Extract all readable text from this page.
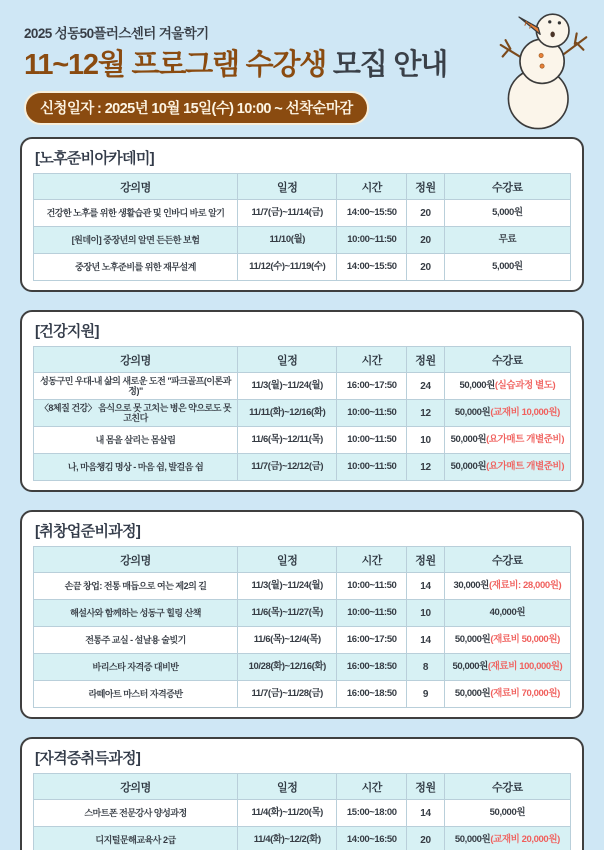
2025 성동50플러스센터 겨울학기
11~12월 프로그램 수강생 모집 안내
신청일자 : 2025년 10월 15일(수) 10:00 ~ 선착순마감
[노후준비아카데미]
강의명	일정	시간	정원	수강료
건강한 노후를 위한 생활습관 및 인바디 바로 알기	11/7(금)~11/14(금)	14:00~15:50	20	5,000원
[원데이] 중장년의 알면 든든한 보험	11/10(월)	10:00~11:50	20	무료
중장년 노후준비를 위한 재무설계	11/12(수)~11/19(수)	14:00~15:50	20	5,000원
[건강지원]
강의명	일정	시간	정원	수강료
성동구민 우대-내 삶의 새로운 도전 "파크골프(이론과정)"	11/3(월)~11/24(월)	16:00~17:50	24	50,000원(실습과정 별도)
〈8체질 건강〉 음식으로 못 고치는 병은 약으로도 못 고친다	11/11(화)~12/16(화)	10:00~11:50	12	50,000원(교재비 10,000원)
내 몸을 살리는 몸살림	11/6(목)~12/11(목)	10:00~11:50	10	50,000원(요가매트 개별준비)
나, 마음챙김 명상 - 마음 쉼, 발걸음 쉼	11/7(금)~12/12(금)	10:00~11:50	12	50,000원(요가매트 개별준비)
[취창업준비과정]
강의명	일정	시간	정원	수강료
손끝 창업: 전통 매듭으로 여는 제2의 길	11/3(월)~11/24(월)	10:00~11:50	14	30,000원(재료비: 28,000원)
해설사와 함께하는 성동구 힐링 산책	11/6(목)~11/27(목)	10:00~11:50	10	40,000원
전통주 교실 - 설날용 술빚기	11/6(목)~12/4(목)	16:00~17:50	14	50,000원(재료비 50,000원)
바리스타 자격증 대비반	10/28(화)~12/16(화)	16:00~18:50	8	50,000원(재료비 100,000원)
라떼아트 마스터 자격증반	11/7(금)~11/28(금)	16:00~18:50	9	50,000원(재료비 70,000원)
[자격증취득과정]
강의명	일정	시간	정원	수강료
스마트폰 전문강사 양성과정	11/4(화)~11/20(목)	15:00~18:00	14	50,000원
디지털문해교육사 2급	11/4(화)~12/2(화)	14:00~16:50	20	50,000원(교재비 20,000원)
